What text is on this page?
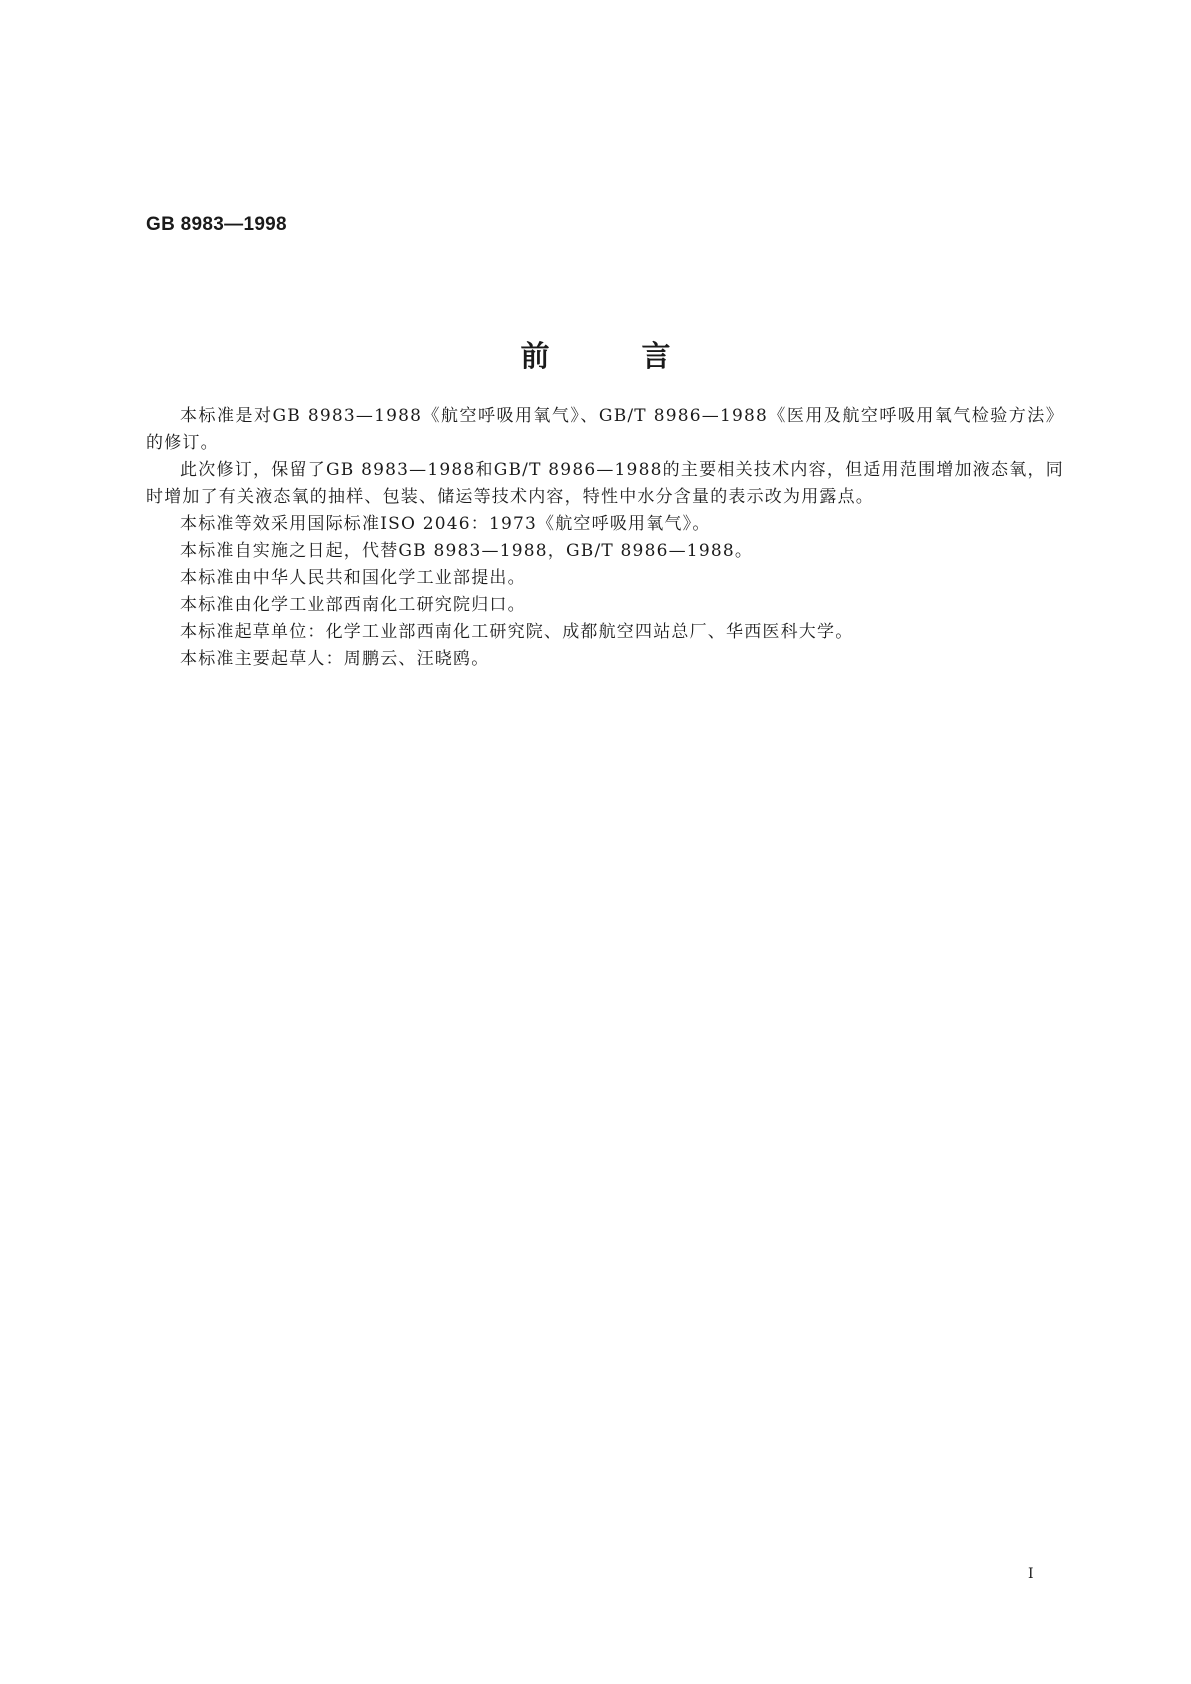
GB 8983—1998
前	言

本标准是对GB 8983—1988《航空呼吸用氧气》、GB/T 8986—1988《医用及航空呼吸用氧气检验方法》的修订。

此次修订，保留了GB 8983—1988和GB/T 8986—1988的主要相关技术内容，但适用范围增加液态氧，同时增加了有关液态氧的抽样、包装、储运等技术内容，特性中水分含量的表示改为用露点。

本标准等效采用国际标准ISO 2046：1973《航空呼吸用氧气》。

本标准自实施之日起，代替GB 8983—1988，GB/T 8986—1988。

本标准由中华人民共和国化学工业部提出。

本标准由化学工业部西南化工研究院归口。

本标准起草单位：化学工业部西南化工研究院、成都航空四站总厂、华西医科大学。

本标准主要起草人：周鹏云、汪晓鸥。

I
